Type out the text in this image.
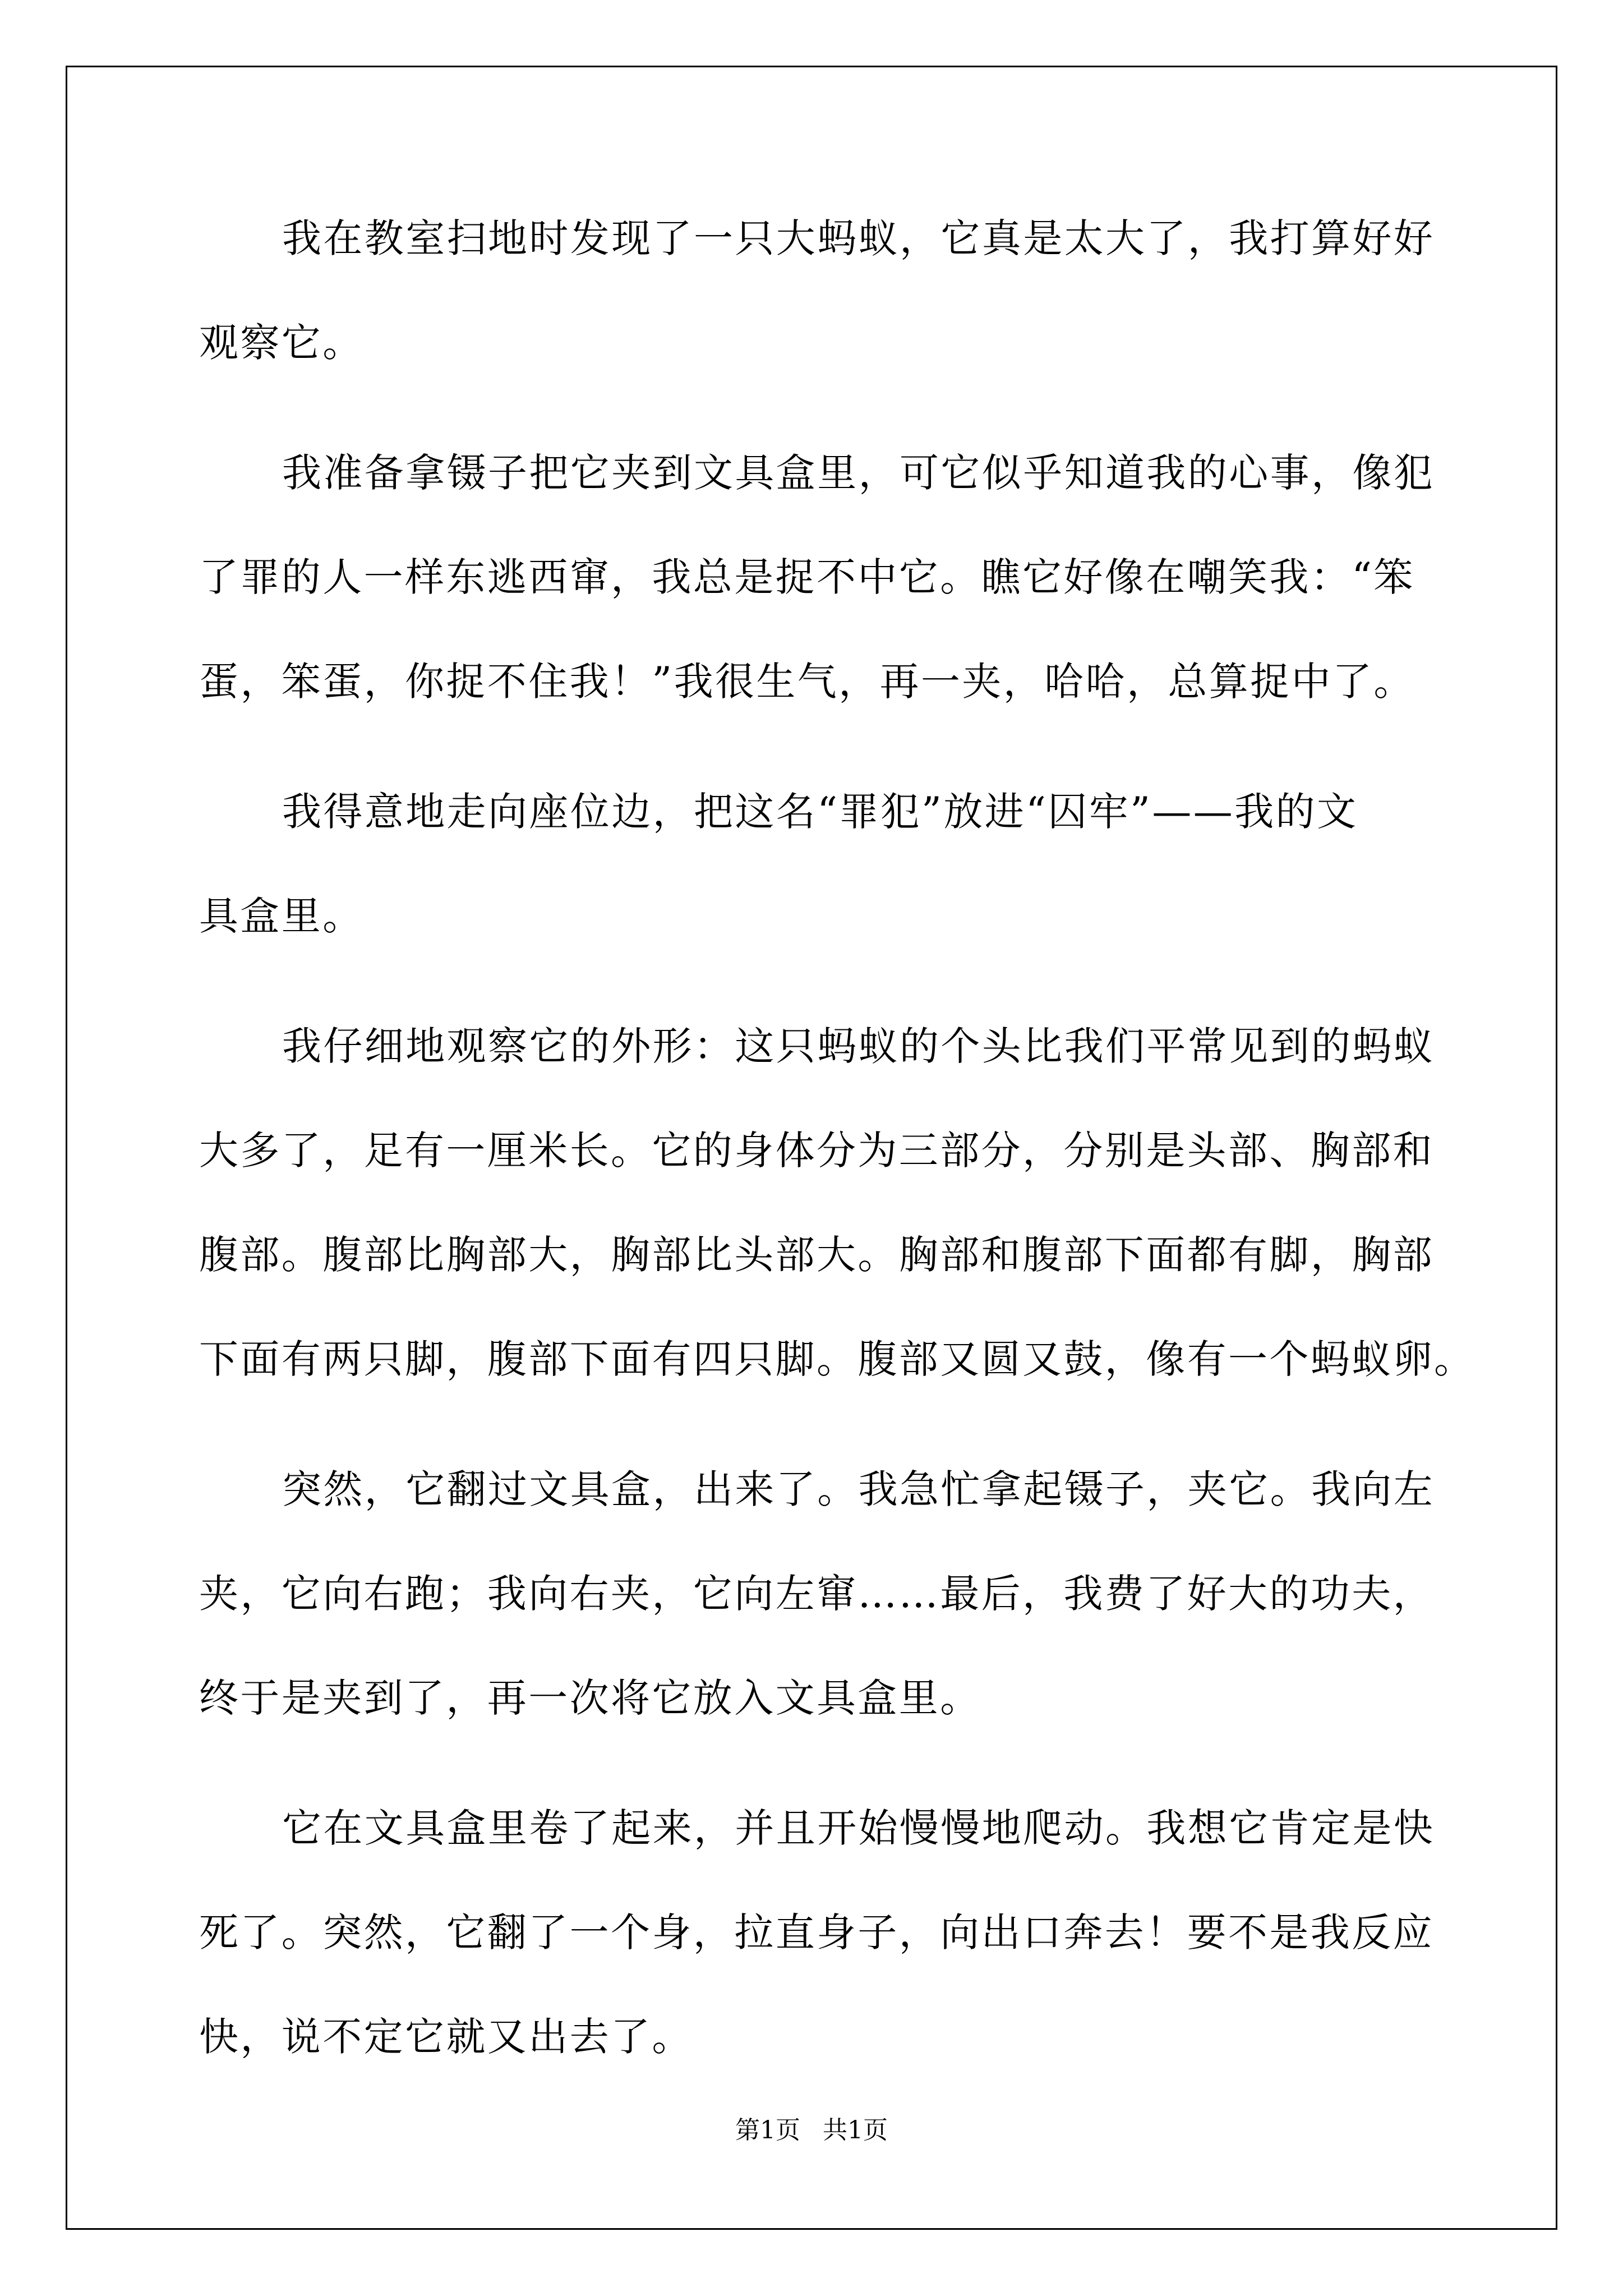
我在教室扫地时发现了一只大蚂蚁，它真是太大了，我打算好好
观察它。
我准备拿镊子把它夹到文具盒里，可它似乎知道我的心事，像犯
了罪的人一样东逃西窜，我总是捉不中它。瞧它好像在嘲笑我：“笨
蛋，笨蛋，你捉不住我！”我很生气，再一夹，哈哈，总算捉中了。
我得意地走向座位边，把这名“罪犯”放进“囚牢”——我的文
具盒里。
我仔细地观察它的外形：这只蚂蚁的个头比我们平常见到的蚂蚁
大多了，足有一厘米长。它的身体分为三部分，分别是头部、胸部和
腹部。腹部比胸部大，胸部比头部大。胸部和腹部下面都有脚，胸部
下面有两只脚，腹部下面有四只脚。腹部又圆又鼓，像有一个蚂蚁卵。
突然，它翻过文具盒，出来了。我急忙拿起镊子，夹它。我向左
夹，它向右跑；我向右夹，它向左窜……最后，我费了好大的功夫，
终于是夹到了，再一次将它放入文具盒里。
它在文具盒里卷了起来，并且开始慢慢地爬动。我想它肯定是快
死了。突然，它翻了一个身，拉直身子，向出口奔去！要不是我反应
快，说不定它就又出去了。
第1页 共1页
